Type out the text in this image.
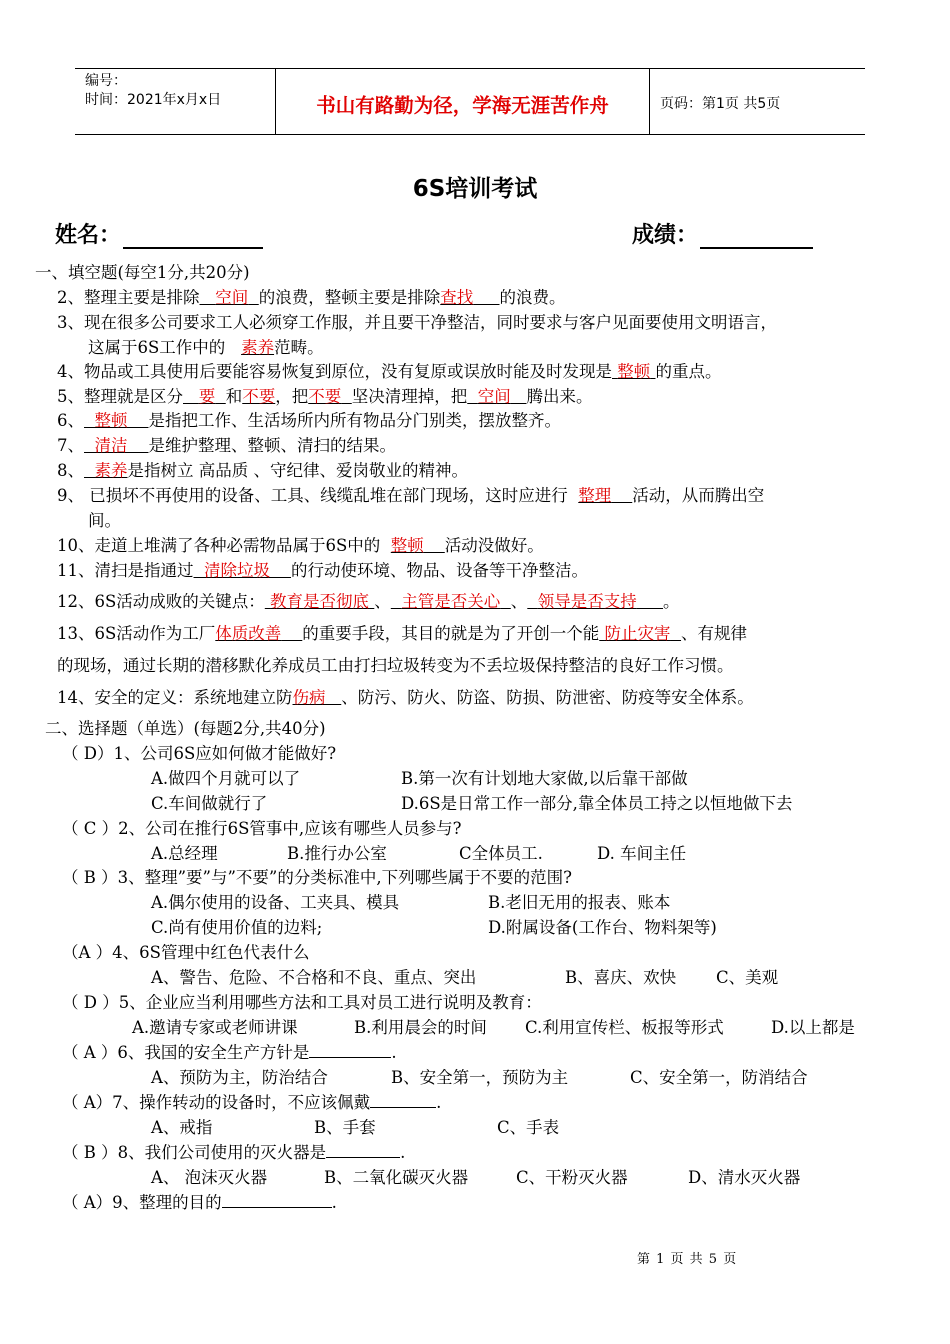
编号：
时间：2021年x月x日	书山有路勤为径，学海无涯苦作舟	页码：第1页 共5页
6S培训考试
姓名：	成绩：
一、填空题(每空1分,共20分)
2、整理主要是排除 空间 的浪费，整顿主要是排除查找 的浪费。
3、现在很多公司要求工人必须穿工作服，并且要干净整洁，同时要求与客户见面要使用文明语言，
这属于6S工作中的 素养范畴。
4、物品或工具使用后要能容易恢复到原位，没有复原或误放时能及时发现是 整顿 的重点。
5、整理就是区分 要 和不要，把不要 坚决清理掉，把 空间 腾出来。
6、 整顿 是指把工作、生活场所内所有物品分门别类，摆放整齐。
7、 清洁 是维护整理、整顿、清扫的结果。
8、 素养是指树立 高品质 、守纪律、爱岗敬业的精神。
9、 已损坏不再使用的设备、工具、线缆乱堆在部门现场，这时应进行 整理 活动，从而腾出空
间。
10、走道上堆满了各种必需物品属于6S中的 整顿 活动没做好。
11、清扫是指通过 清除垃圾 的行动使环境、物品、设备等干净整洁。
12、6S活动成败的关键点： 教育是否彻底 、 主管是否关心 、 领导是否支持 。
13、6S活动作为工厂体质改善 的重要手段，其目的就是为了开创一个能 防止灾害 、有规律
的现场，通过长期的潜移默化养成员工由打扫垃圾转变为不丢垃圾保持整洁的良好工作习惯。
14、安全的定义：系统地建立防伤病 、防污、防火、防盗、防损、防泄密、防疫等安全体系。
二、选择题（单选）(每题2分,共40分)
（ D）1、公司6S应如何做才能做好?
A.做四个月就可以了	B.第一次有计划地大家做,以后靠干部做
C.车间做就行了	D.6S是日常工作一部分,靠全体员工持之以恒地做下去
（ C ）2、公司在推行6S管事中,应该有哪些人员参与?
A.总经理	B.推行办公室	C全体员工.	D. 车间主任
（ B ）3、整理”要”与”不要”的分类标准中,下列哪些属于不要的范围?
A.偶尔使用的设备、工夹具、模具	B.老旧无用的报表、账本
C.尚有使用价值的边料;	D.附属设备(工作台、物料架等)
（A ）4、6S管理中红色代表什么
A、警告、危险、不合格和不良、重点、突出	B、喜庆、欢快 C、美观
（ D ）5、企业应当利用哪些方法和工具对员工进行说明及教育：
A.邀请专家或老师讲课	B.利用晨会的时间 C.利用宣传栏、板报等形式	D.以上都是
（ A ）6、我国的安全生产方针是	.
A、预防为主，防治结合	B、安全第一，预防为主	C、安全第一，防消结合
（ A）7、操作转动的设备时，不应该佩戴	.
A、戒指	B、手套	C、手表
（ B ）8、我们公司使用的灭火器是	.
A、 泡沫灭火器	B、二氧化碳灭火器	C、干粉灭火器	D、清水灭火器
（ A）9、整理的目的	.
第 1 页 共 5 页
